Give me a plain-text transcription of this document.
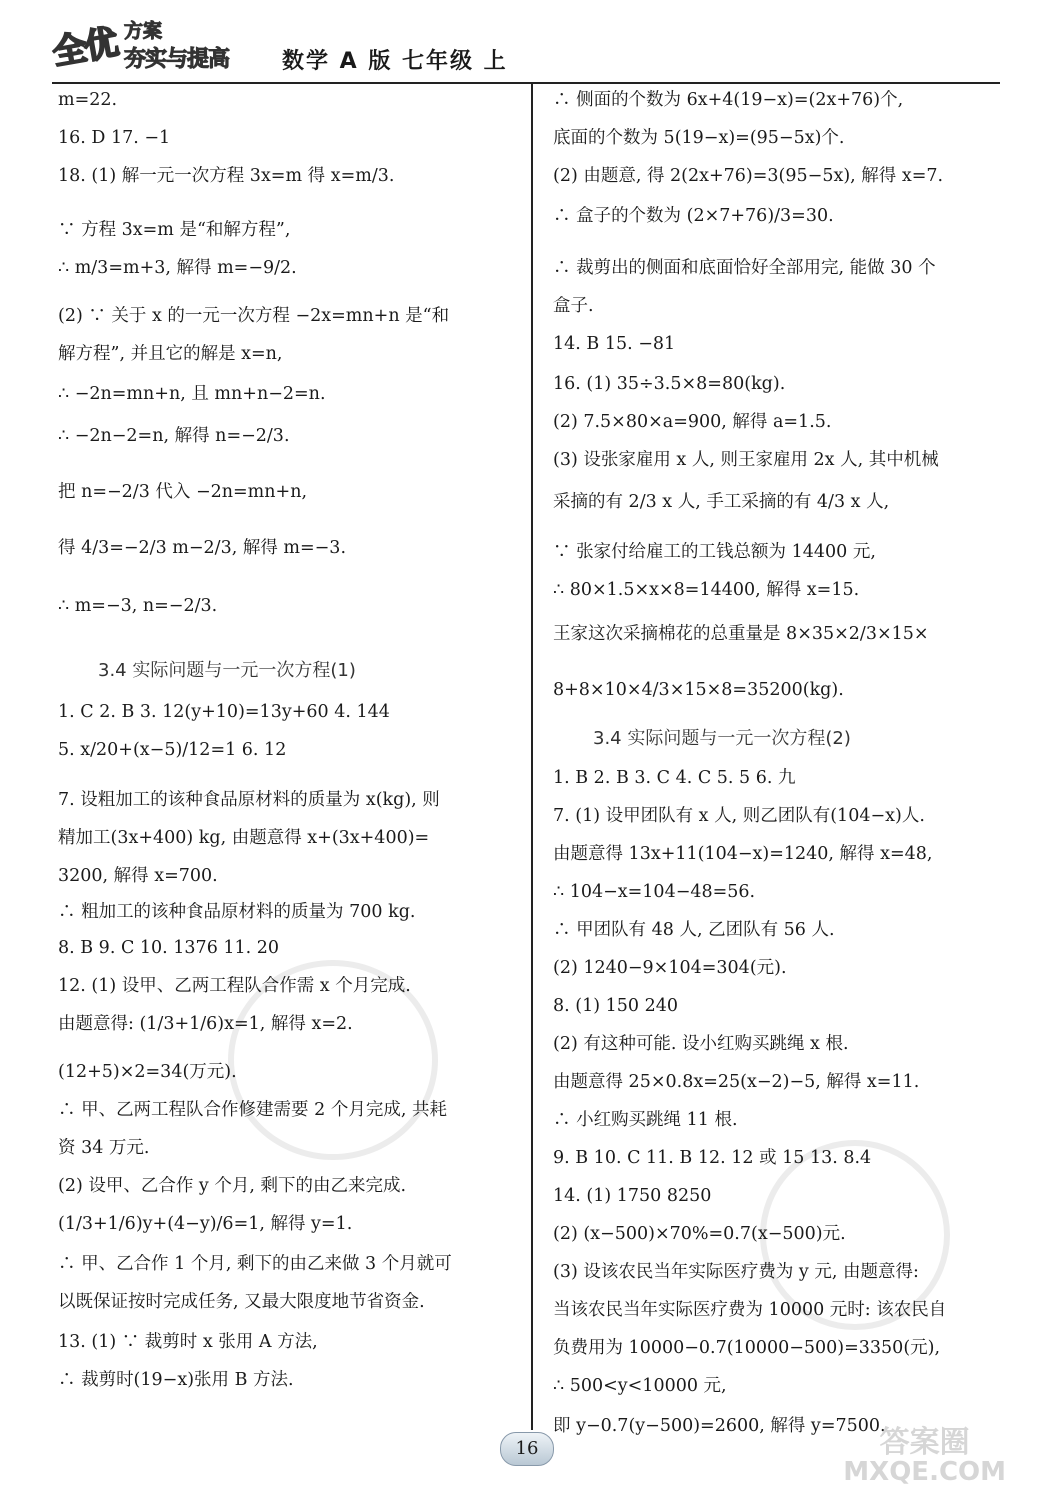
全优 方案
夯实与提高 数学 A 版 七年级 上
m=22.
16. D 17. −1
18. (1) 解一元一次方程 3x=m 得 x=m/3.
∵ 方程 3x=m 是“和解方程”,
∴ m/3=m+3, 解得 m=−9/2.
(2) ∵ 关于 x 的一元一次方程 −2x=mn+n 是“和
解方程”, 并且它的解是 x=n,
∴ −2n=mn+n, 且 mn+n−2=n.
∴ −2n−2=n, 解得 n=−2/3.
把 n=−2/3 代入 −2n=mn+n,
得 4/3=−2/3 m−2/3, 解得 m=−3.
∴ m=−3, n=−2/3.
3.4 实际问题与一元一次方程(1)
1. C 2. B 3. 12(y+10)=13y+60 4. 144
5. x/20+(x−5)/12=1 6. 12
7. 设粗加工的该种食品原材料的质量为 x(kg), 则
精加工(3x+400) kg, 由题意得 x+(3x+400)=
3200, 解得 x=700.
∴ 粗加工的该种食品原材料的质量为 700 kg.
8. B 9. C 10. 1376 11. 20
12. (1) 设甲、乙两工程队合作需 x 个月完成.
由题意得: (1/3+1/6)x=1, 解得 x=2.
(12+5)×2=34(万元).
∴ 甲、乙两工程队合作修建需要 2 个月完成, 共耗
资 34 万元.
(2) 设甲、乙合作 y 个月, 剩下的由乙来完成.
(1/3+1/6)y+(4−y)/6=1, 解得 y=1.
∴ 甲、乙合作 1 个月, 剩下的由乙来做 3 个月就可
以既保证按时完成任务, 又最大限度地节省资金.
13. (1) ∵ 裁剪时 x 张用 A 方法,
∴ 裁剪时(19−x)张用 B 方法.
∴ 侧面的个数为 6x+4(19−x)=(2x+76)个,
底面的个数为 5(19−x)=(95−5x)个.
(2) 由题意, 得 2(2x+76)=3(95−5x), 解得 x=7.
∴ 盒子的个数为 (2×7+76)/3=30.
∴ 裁剪出的侧面和底面恰好全部用完, 能做 30 个
盒子.
14. B 15. −81
16. (1) 35÷3.5×8=80(kg).
(2) 7.5×80×a=900, 解得 a=1.5.
(3) 设张家雇用 x 人, 则王家雇用 2x 人, 其中机械
采摘的有 2/3 x 人, 手工采摘的有 4/3 x 人,
∵ 张家付给雇工的工钱总额为 14400 元,
∴ 80×1.5×x×8=14400, 解得 x=15.
王家这次采摘棉花的总重量是 8×35×2/3×15×
8+8×10×4/3×15×8=35200(kg).
3.4 实际问题与一元一次方程(2)
1. B 2. B 3. C 4. C 5. 5 6. 九
7. (1) 设甲团队有 x 人, 则乙团队有(104−x)人.
由题意得 13x+11(104−x)=1240, 解得 x=48,
∴ 104−x=104−48=56.
∴ 甲团队有 48 人, 乙团队有 56 人.
(2) 1240−9×104=304(元).
8. (1) 150 240
(2) 有这种可能. 设小红购买跳绳 x 根.
由题意得 25×0.8x=25(x−2)−5, 解得 x=11.
∴ 小红购买跳绳 11 根.
9. B 10. C 11. B 12. 12 或 15 13. 8.4
14. (1) 1750 8250
(2) (x−500)×70%=0.7(x−500)元.
(3) 设该农民当年实际医疗费为 y 元, 由题意得:
当该农民当年实际医疗费为 10000 元时: 该农民自
负费用为 10000−0.7(10000−500)=3350(元),
∴ 500<y<10000 元,
即 y−0.7(y−500)=2600, 解得 y=7500.
16	答案圈
MXQE.COM
